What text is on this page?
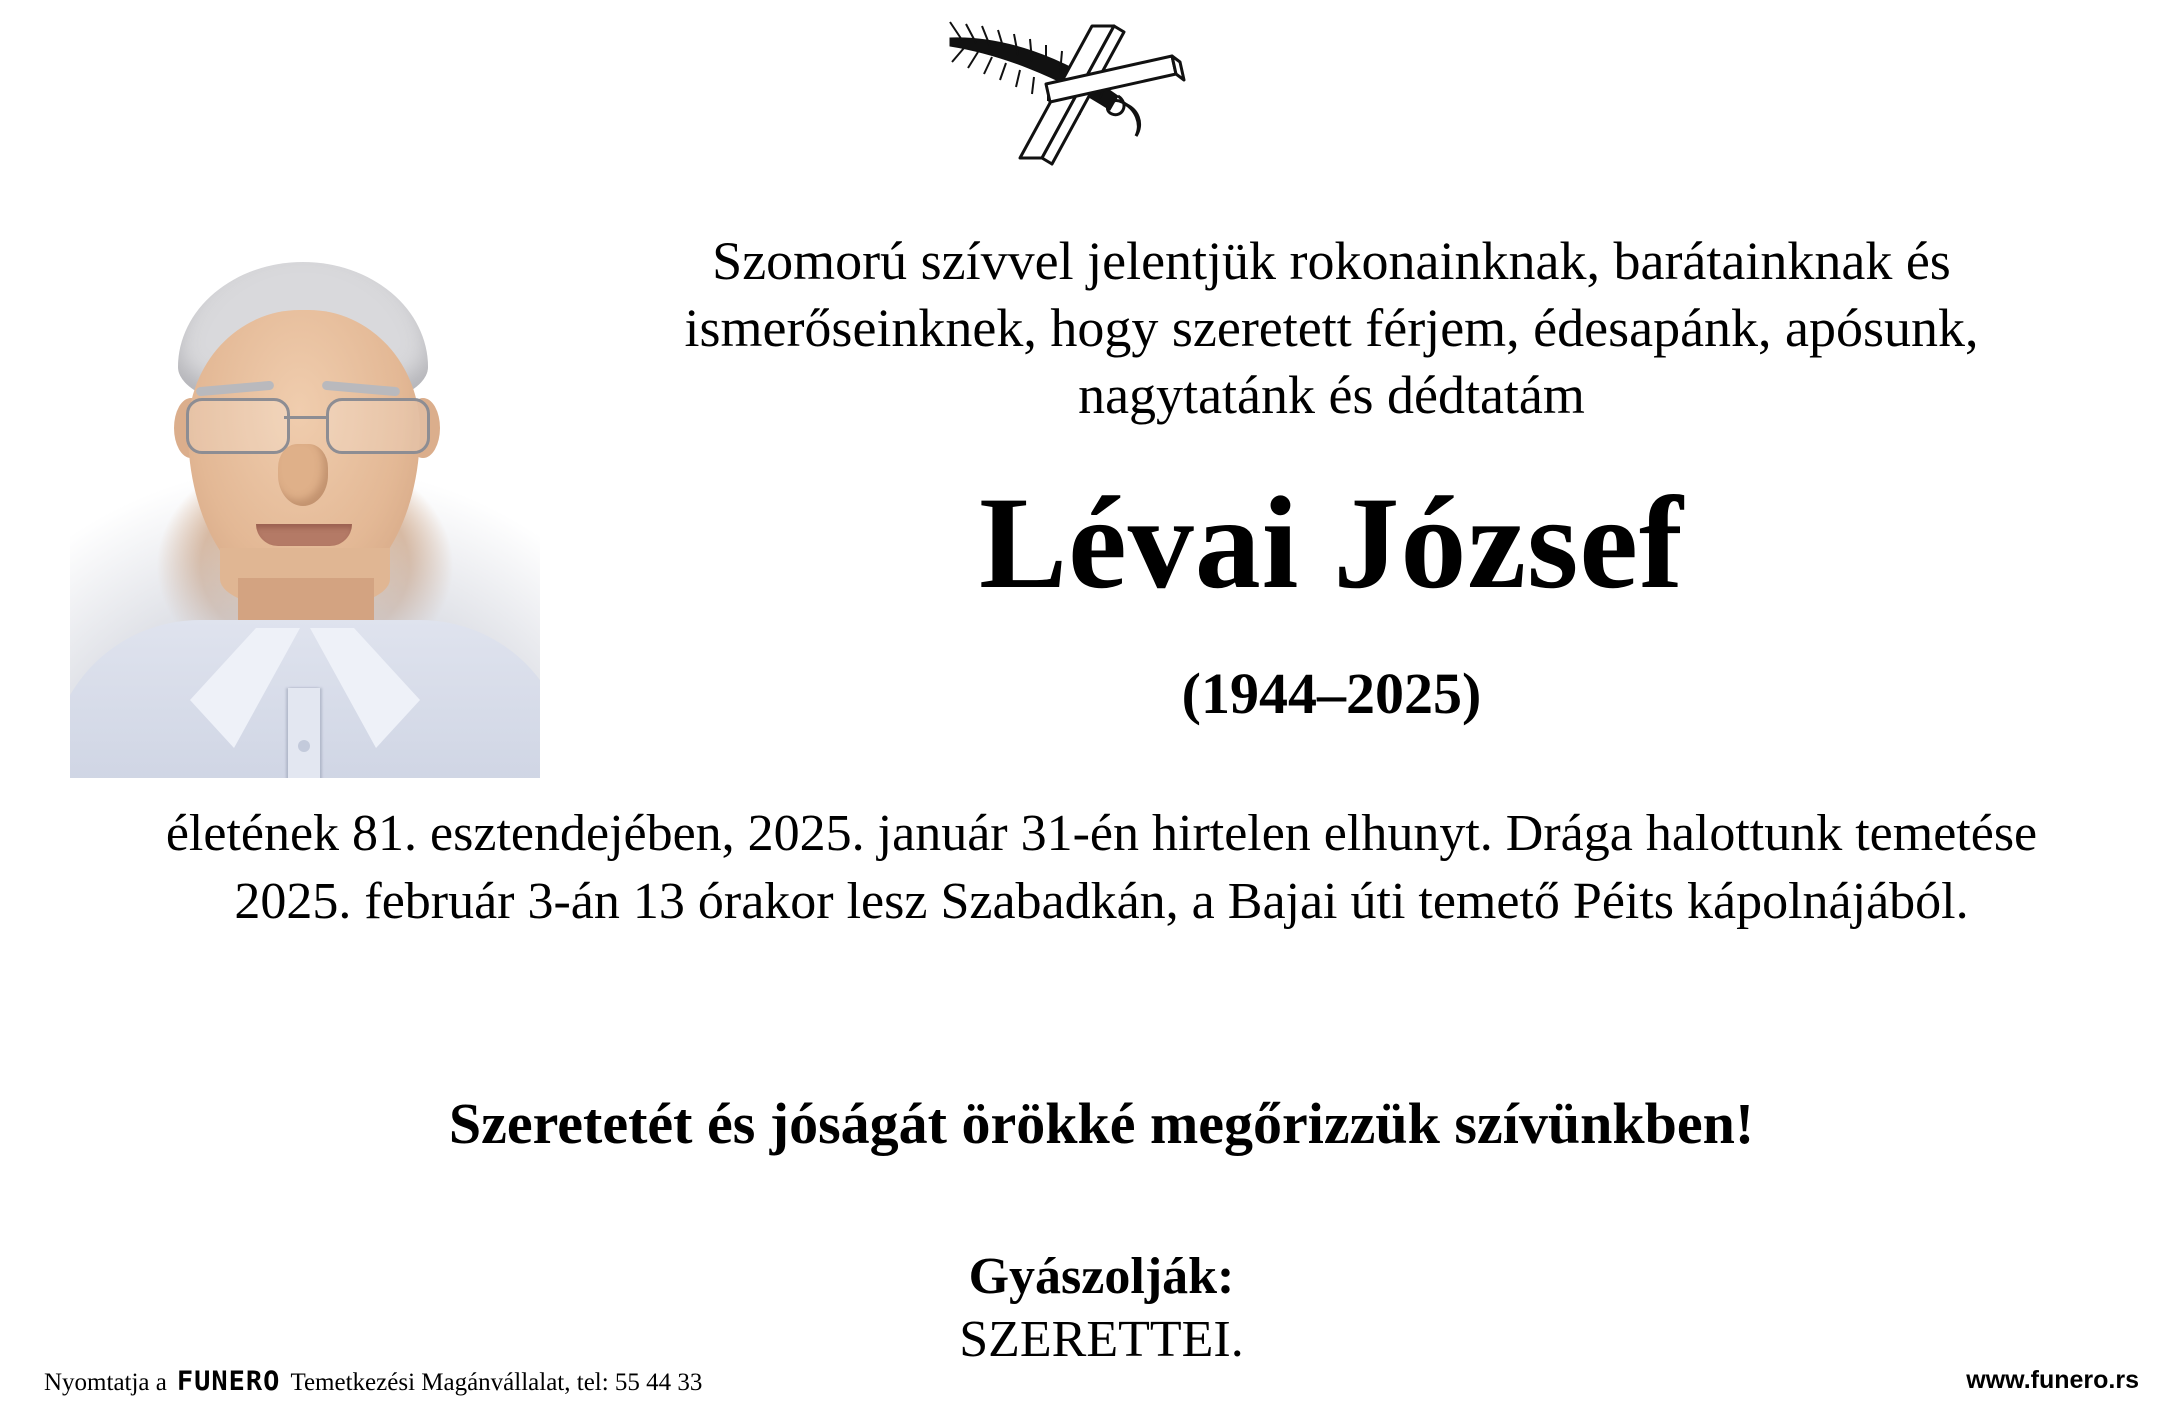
Szomorú szívvel jelentjük rokonainknak, barátainknak és ismerőseinknek, hogy szeretett férjem, édesapánk, apósunk, nagytatánk és dédtatám
Lévai József
(1944–2025)
életének 81. esztendejében, 2025. január 31-én hirtelen elhunyt. Drága halottunk temetése 2025. február 3-án 13 órakor lesz Szabadkán, a Bajai úti temető Péits kápolnájából.
Szeretetét és jóságát örökké megőrizzük szívünkben!
Gyászolják:
SZERETTEI.
Nyomtatja a FUNERO Temetkezési Magánvállalat, tel: 55 44 33	www.funero.rs
